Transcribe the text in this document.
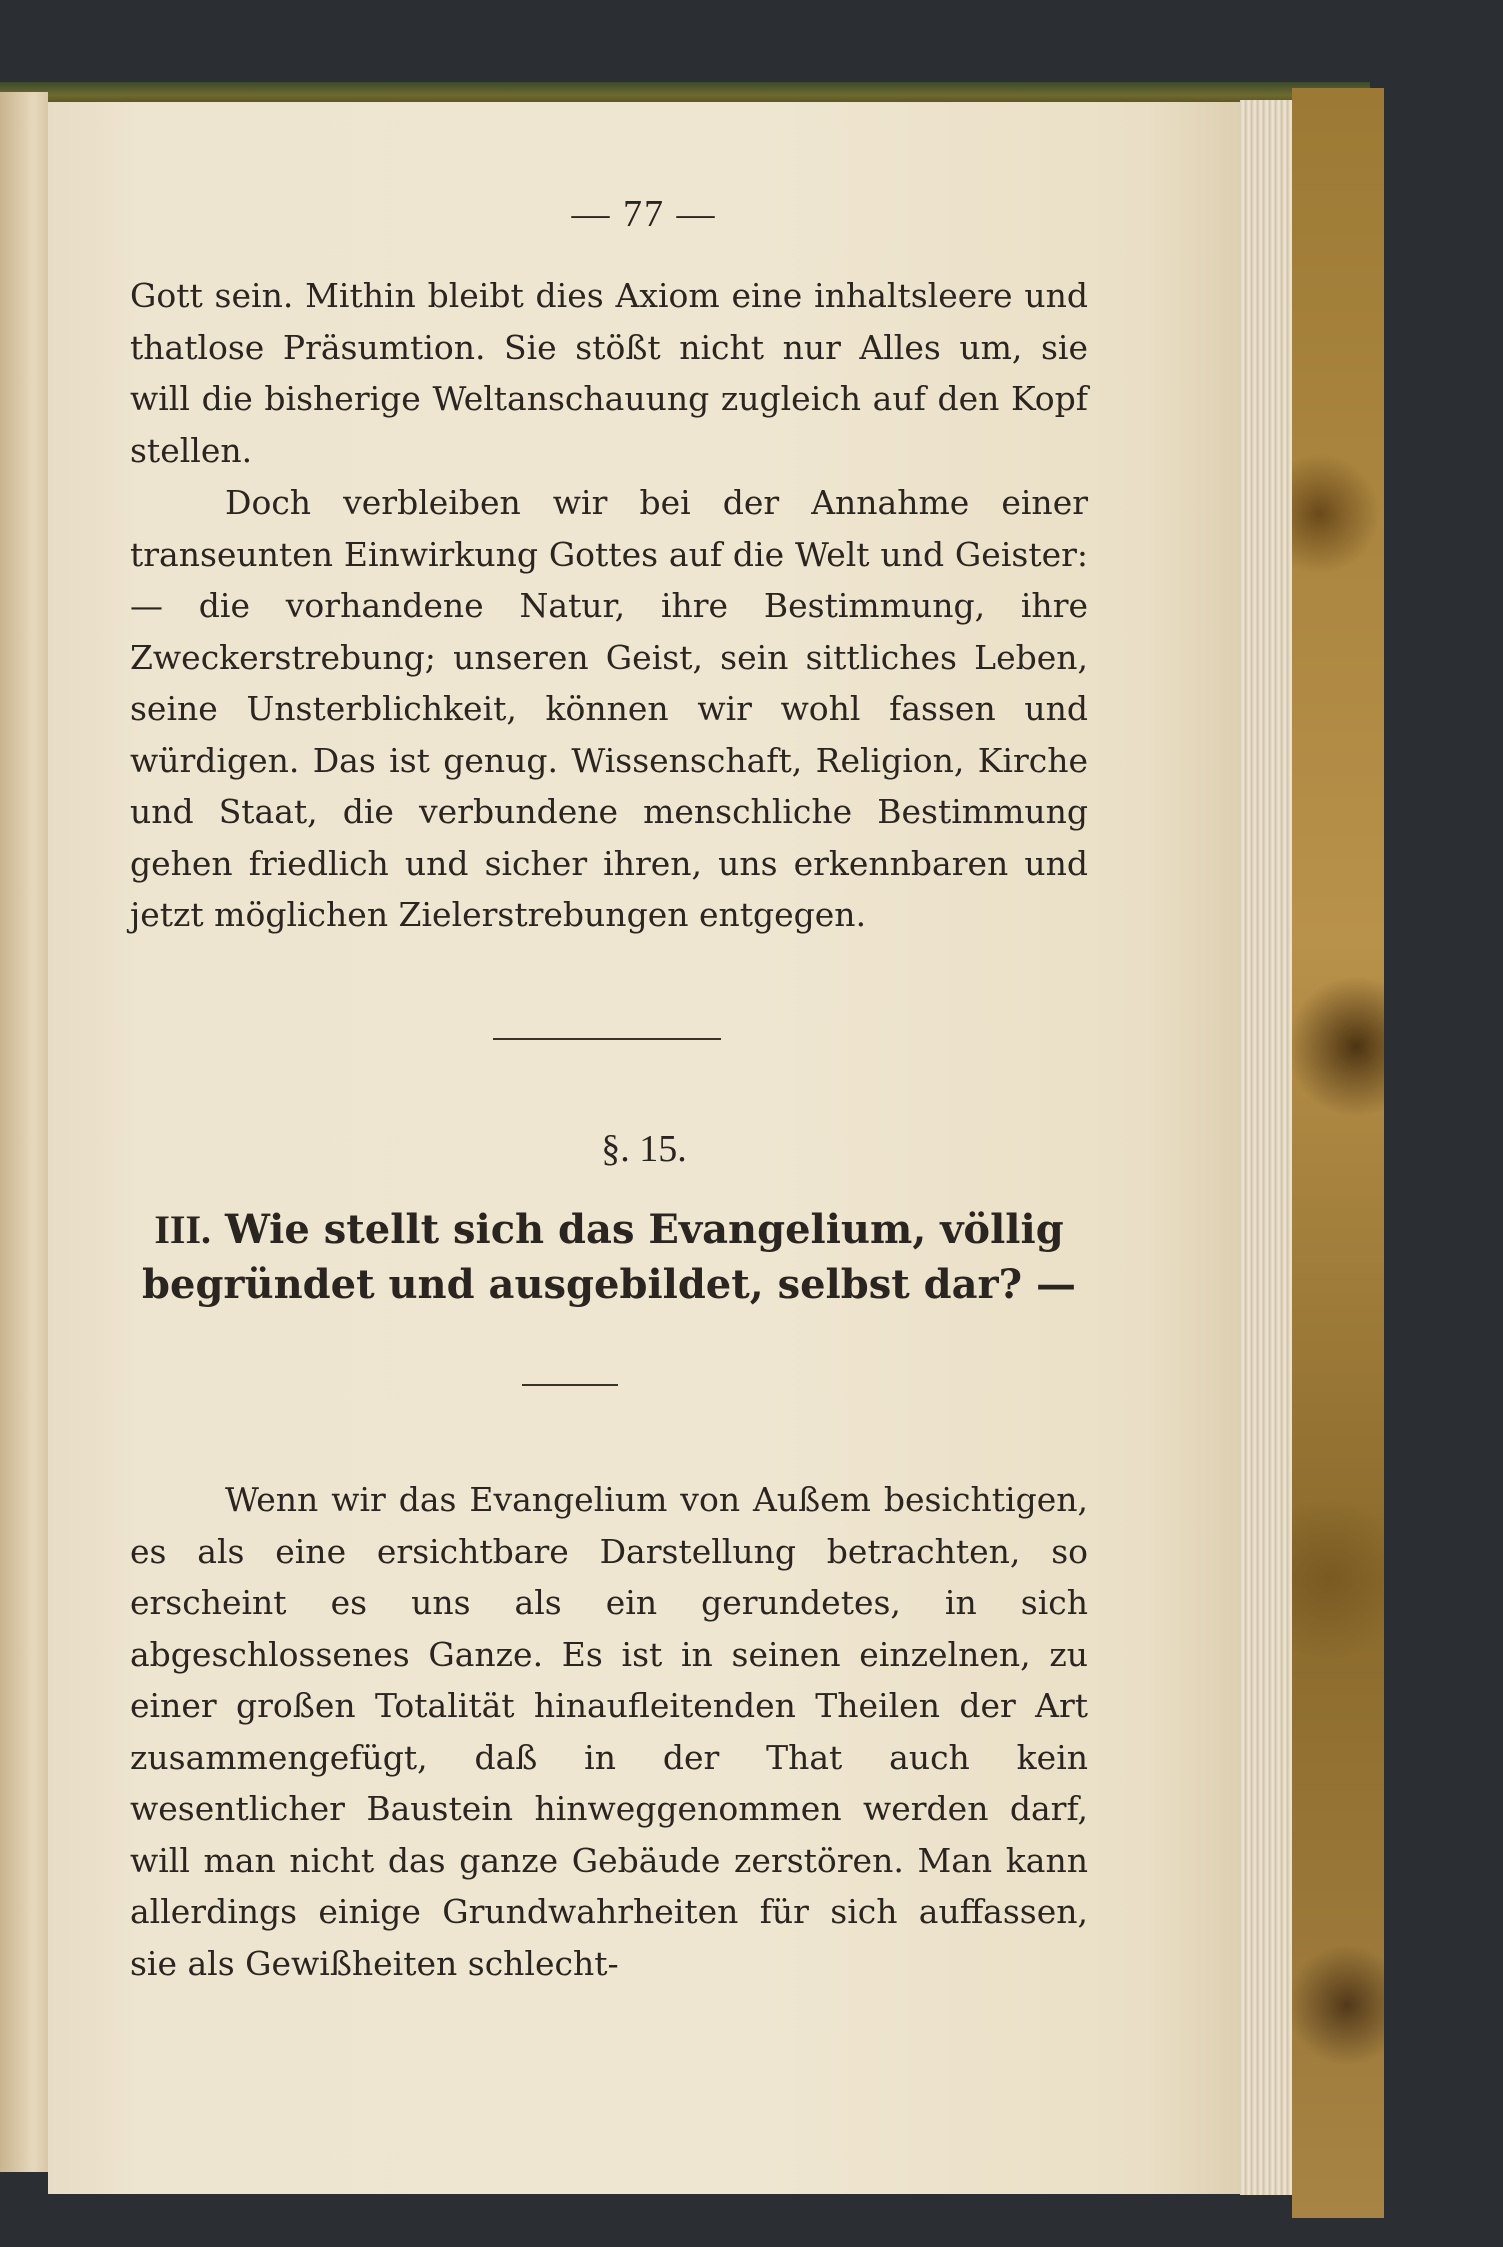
— 77 —

Gott sein. Mithin bleibt dies Axiom eine inhaltsleere und thatlose Präsumtion. Sie stößt nicht nur Alles um, sie will die bisherige Weltanschauung zugleich auf den Kopf stellen.

Doch verbleiben wir bei der Annahme einer transeunten Einwirkung Gottes auf die Welt und Geister: — die vorhandene Natur, ihre Bestimmung, ihre Zweckerstrebung; unseren Geist, sein sittliches Leben, seine Unsterblichkeit, können wir wohl fassen und würdigen. Das ist genug. Wissenschaft, Religion, Kirche und Staat, die verbundene menschliche Bestimmung gehen friedlich und sicher ihren, uns erkennbaren und jetzt möglichen Zielerstrebungen entgegen.

§. 15.

III. Wie stellt sich das Evangelium, völlig begründet und ausgebildet, selbst dar? —

Wenn wir das Evangelium von Außem besichtigen, es als eine ersichtbare Darstellung betrachten, so erscheint es uns als ein gerundetes, in sich abgeschlossenes Ganze. Es ist in seinen einzelnen, zu einer großen Totalität hinaufleitenden Theilen der Art zusammengefügt, daß in der That auch kein wesentlicher Baustein hinweggenommen werden darf, will man nicht das ganze Gebäude zerstören. Man kann allerdings einige Grundwahrheiten für sich auffassen, sie als Gewißheiten schlecht-
